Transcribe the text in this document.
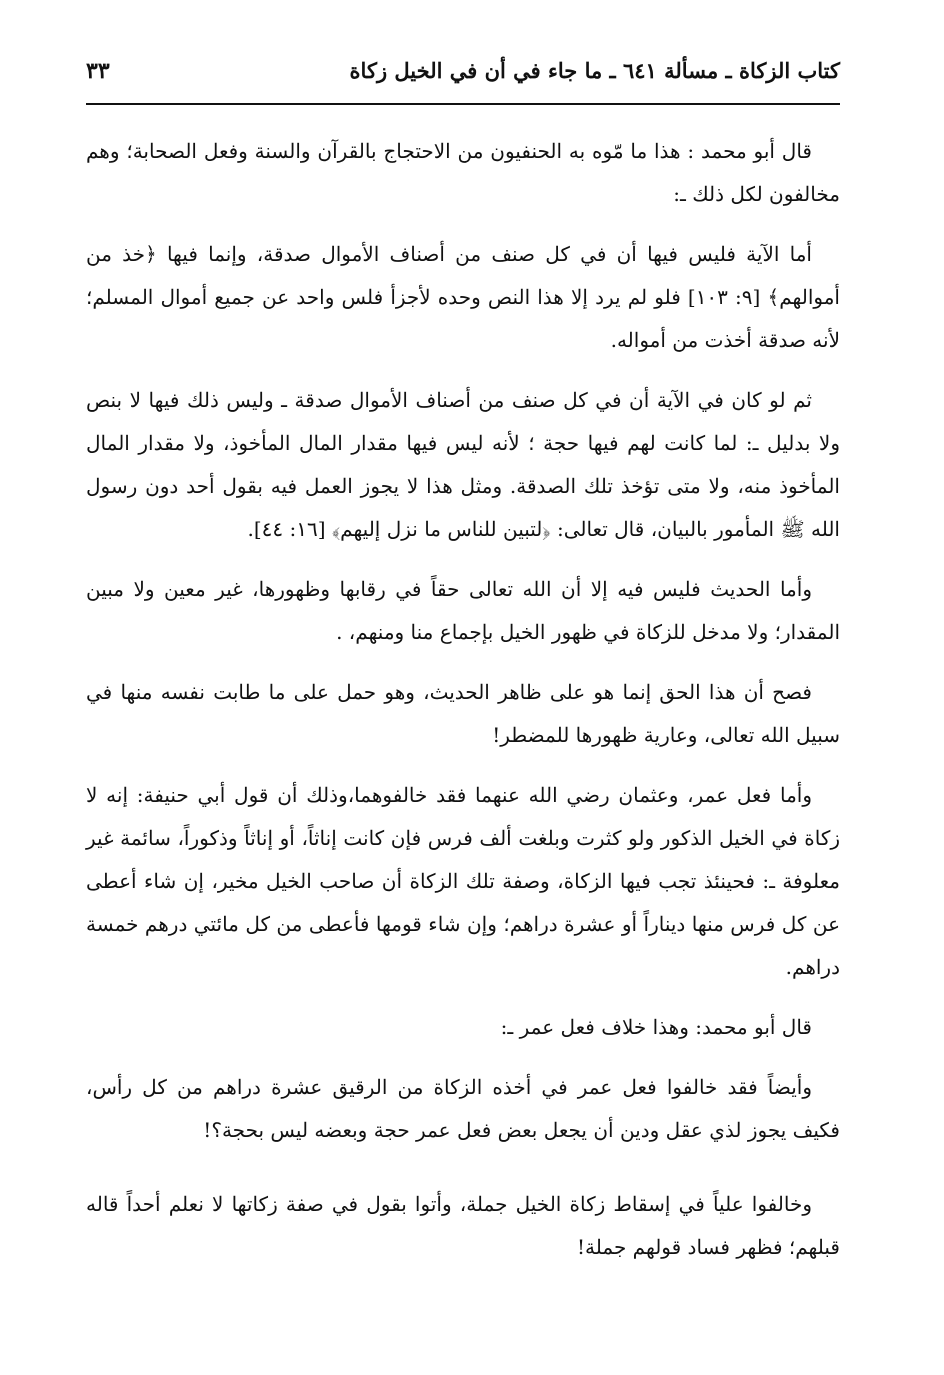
كتاب الزكاة ـ مسألة ٦٤١ ـ ما جاء في أن في الخيل زكاة
٣٣

قال أبو محمد : هذا ما مّوه به الحنفيون من الاحتجاج بالقرآن والسنة وفعل الصحابة؛ وهم مخالفون لكل ذلك ـ:

أما الآية فليس فيها أن في كل صنف من أصناف الأموال صدقة، وإنما فيها ﴿خذ من أموالهم﴾ [٩: ١٠٣] فلو لم يرد إلا هذا النص وحده لأجزأ فلس واحد عن جميع أموال المسلم؛ لأنه صدقة أخذت من أمواله.

ثم لو كان في الآية أن في كل صنف من أصناف الأموال صدقة ـ وليس ذلك فيها لا بنص ولا بدليل ـ: لما كانت لهم فيها حجة ؛ لأنه ليس فيها مقدار المال المأخوذ، ولا مقدار المال المأخوذ منه، ولا متى تؤخذ تلك الصدقة. ومثل هذا لا يجوز العمل فيه بقول أحد دون رسول الله ﷺ المأمور بالبيان، قال تعالى: ﴿لتبين للناس ما نزل إليهم﴾ [١٦: ٤٤].

وأما الحديث فليس فيه إلا أن الله تعالى حقاً في رقابها وظهورها، غير معين ولا مبين المقدار؛ ولا مدخل للزكاة في ظهور الخيل بإجماع منا ومنهم، .

فصح أن هذا الحق إنما هو على ظاهر الحديث، وهو حمل على ما طابت نفسه منها في سبيل الله تعالى، وعارية ظهورها للمضطر!

وأما فعل عمر، وعثمان رضي الله عنهما فقد خالفوهما،وذلك أن قول أبي حنيفة: إنه لا زكاة في الخيل الذكور ولو كثرت وبلغت ألف فرس فإن كانت إناثاً، أو إناثاً وذكوراً، سائمة غير معلوفة ـ: فحينئذ تجب فيها الزكاة، وصفة تلك الزكاة أن صاحب الخيل مخير، إن شاء أعطى عن كل فرس منها ديناراً أو عشرة دراهم؛ وإن شاء قومها فأعطى من كل مائتي درهم خمسة دراهم.

قال أبو محمد: وهذا خلاف فعل عمر ـ:

وأيضاً فقد خالفوا فعل عمر في أخذه الزكاة من الرقيق عشرة دراهم من كل رأس، فكيف يجوز لذي عقل ودين أن يجعل بعض فعل عمر حجة وبعضه ليس بحجة؟!

وخالفوا علياً في إسقاط زكاة الخيل جملة، وأتوا بقول في صفة زكاتها لا نعلم أحداً قاله قبلهم؛ فظهر فساد قولهم جملة!
